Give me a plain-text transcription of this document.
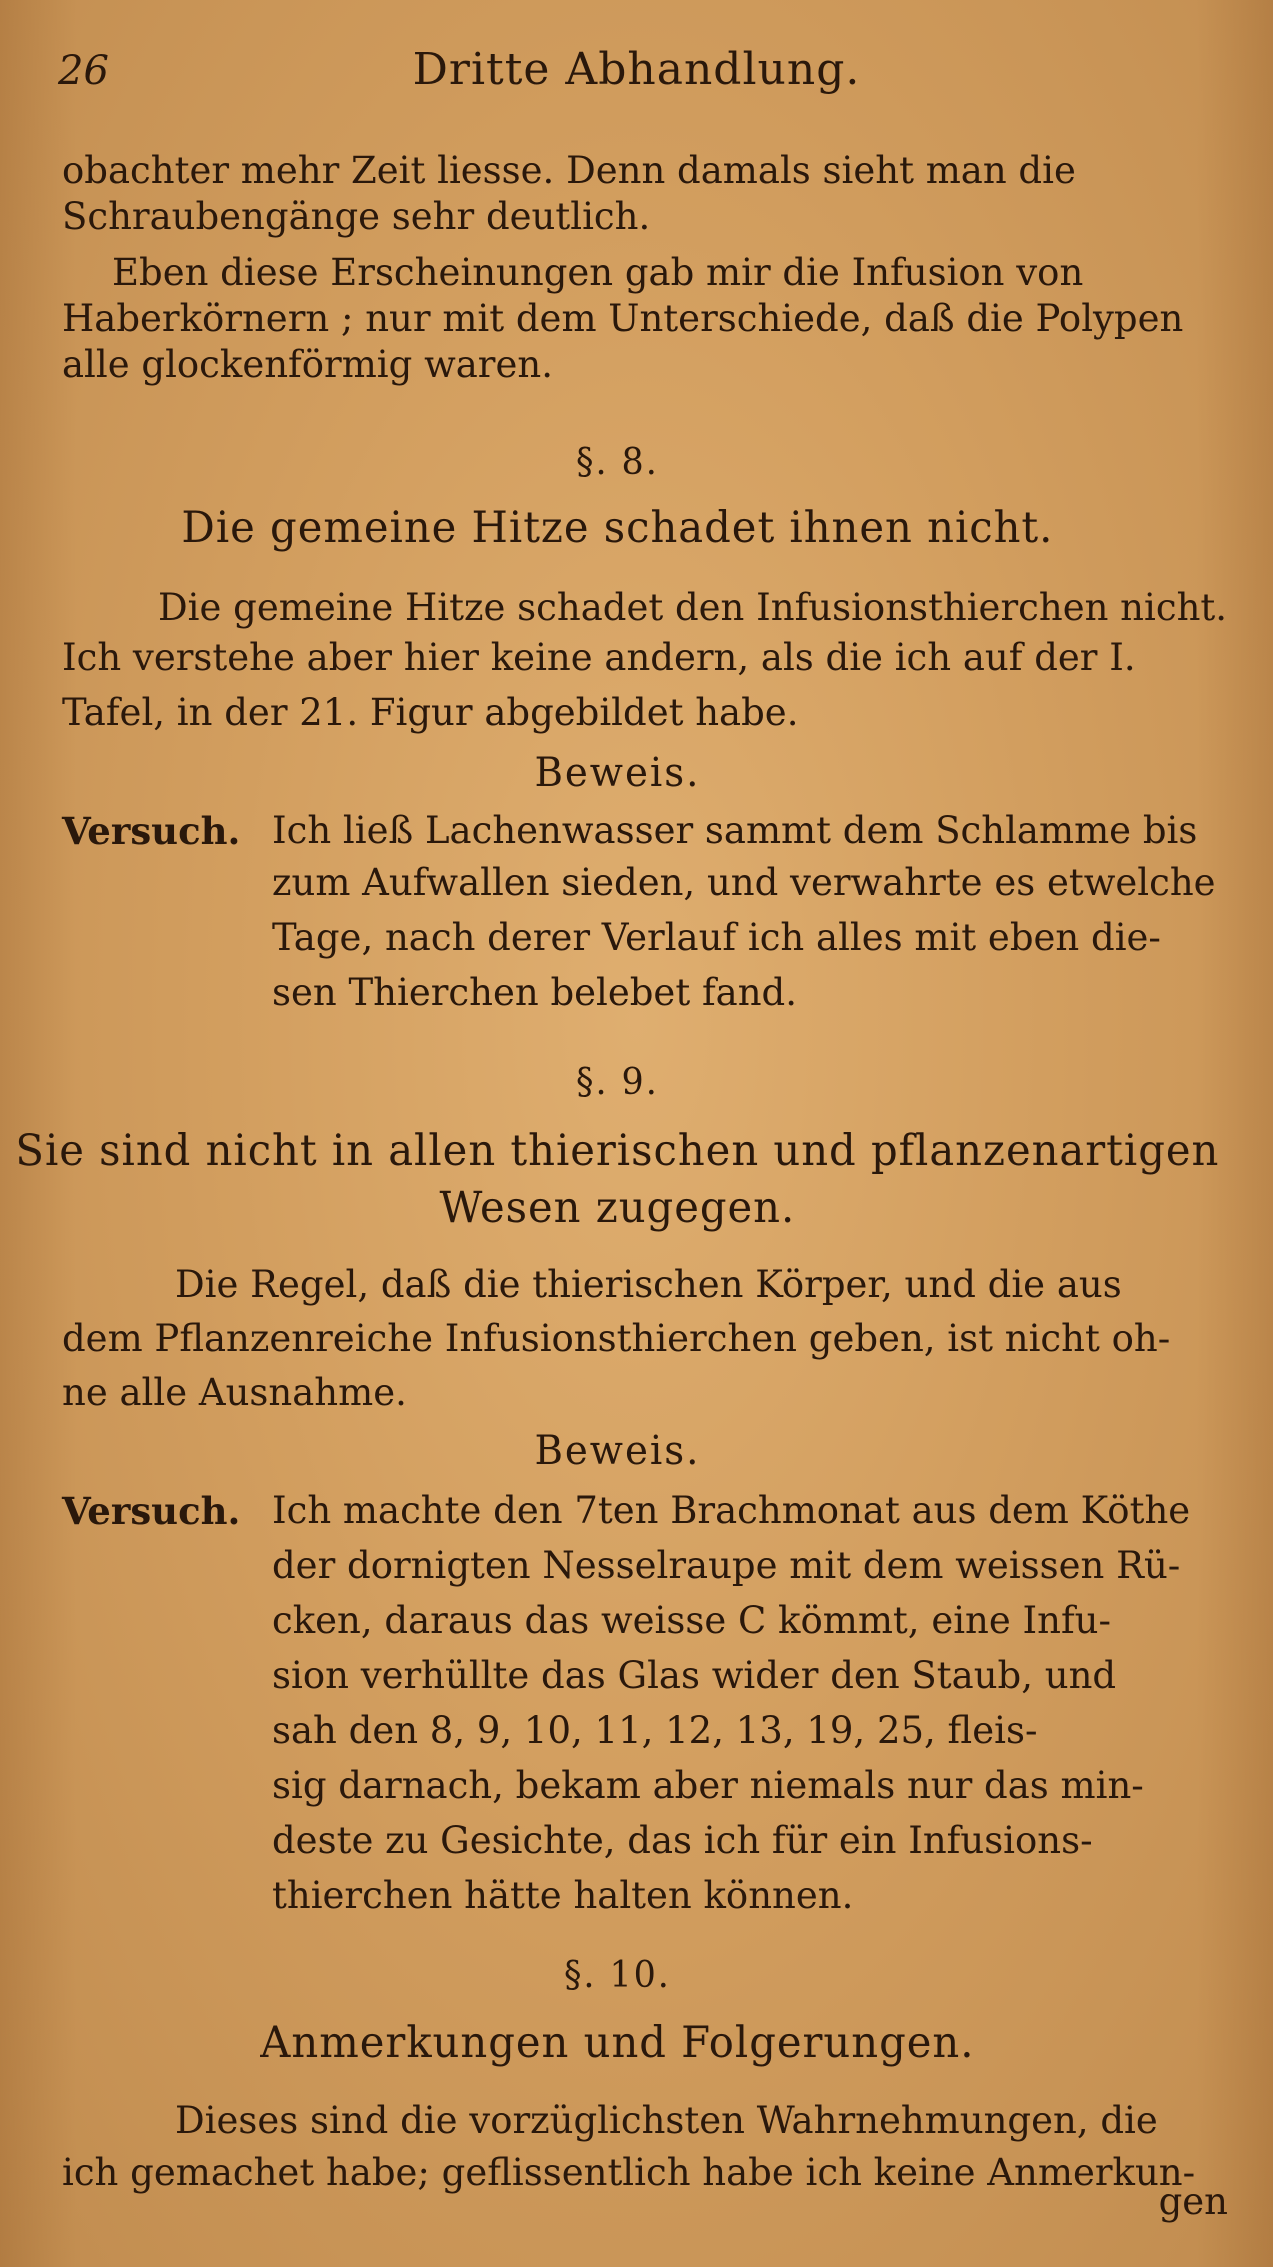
26	Dritte Abhandlung.
obachter mehr Zeit liesse. Denn damals sieht man die
Schraubengänge sehr deutlich.
Eben diese Erscheinungen gab mir die Infusion von
Haberkörnern ; nur mit dem Unterschiede, daß die Polypen
alle glockenförmig waren.
§. 8.
Die gemeine Hitze schadet ihnen nicht.
Die gemeine Hitze schadet den Infusionsthierchen nicht.
Ich verstehe aber hier keine andern, als die ich auf der I.
Tafel, in der 21. Figur abgebildet habe.
Beweis.
Versuch. Ich ließ Lachenwasser sammt dem Schlamme bis
zum Aufwallen sieden, und verwahrte es etwelche
Tage, nach derer Verlauf ich alles mit eben die-
sen Thierchen belebet fand.
§. 9.
Sie sind nicht in allen thierischen und pflanzenartigen
Wesen zugegen.
Die Regel, daß die thierischen Körper, und die aus
dem Pflanzenreiche Infusionsthierchen geben, ist nicht oh-
ne alle Ausnahme.
Beweis.
Versuch. Ich machte den 7ten Brachmonat aus dem Köthe
der dornigten Nesselraupe mit dem weissen Rü-
cken, daraus das weisse C kömmt, eine Infu-
sion verhüllte das Glas wider den Staub, und
sah den 8, 9, 10, 11, 12, 13, 19, 25, fleis-
sig darnach, bekam aber niemals nur das min-
deste zu Gesichte, das ich für ein Infusions-
thierchen hätte halten können.
§. 10.
Anmerkungen und Folgerungen.
Dieses sind die vorzüglichsten Wahrnehmungen, die
ich gemachet habe; geflissentlich habe ich keine Anmerkun-
gen
